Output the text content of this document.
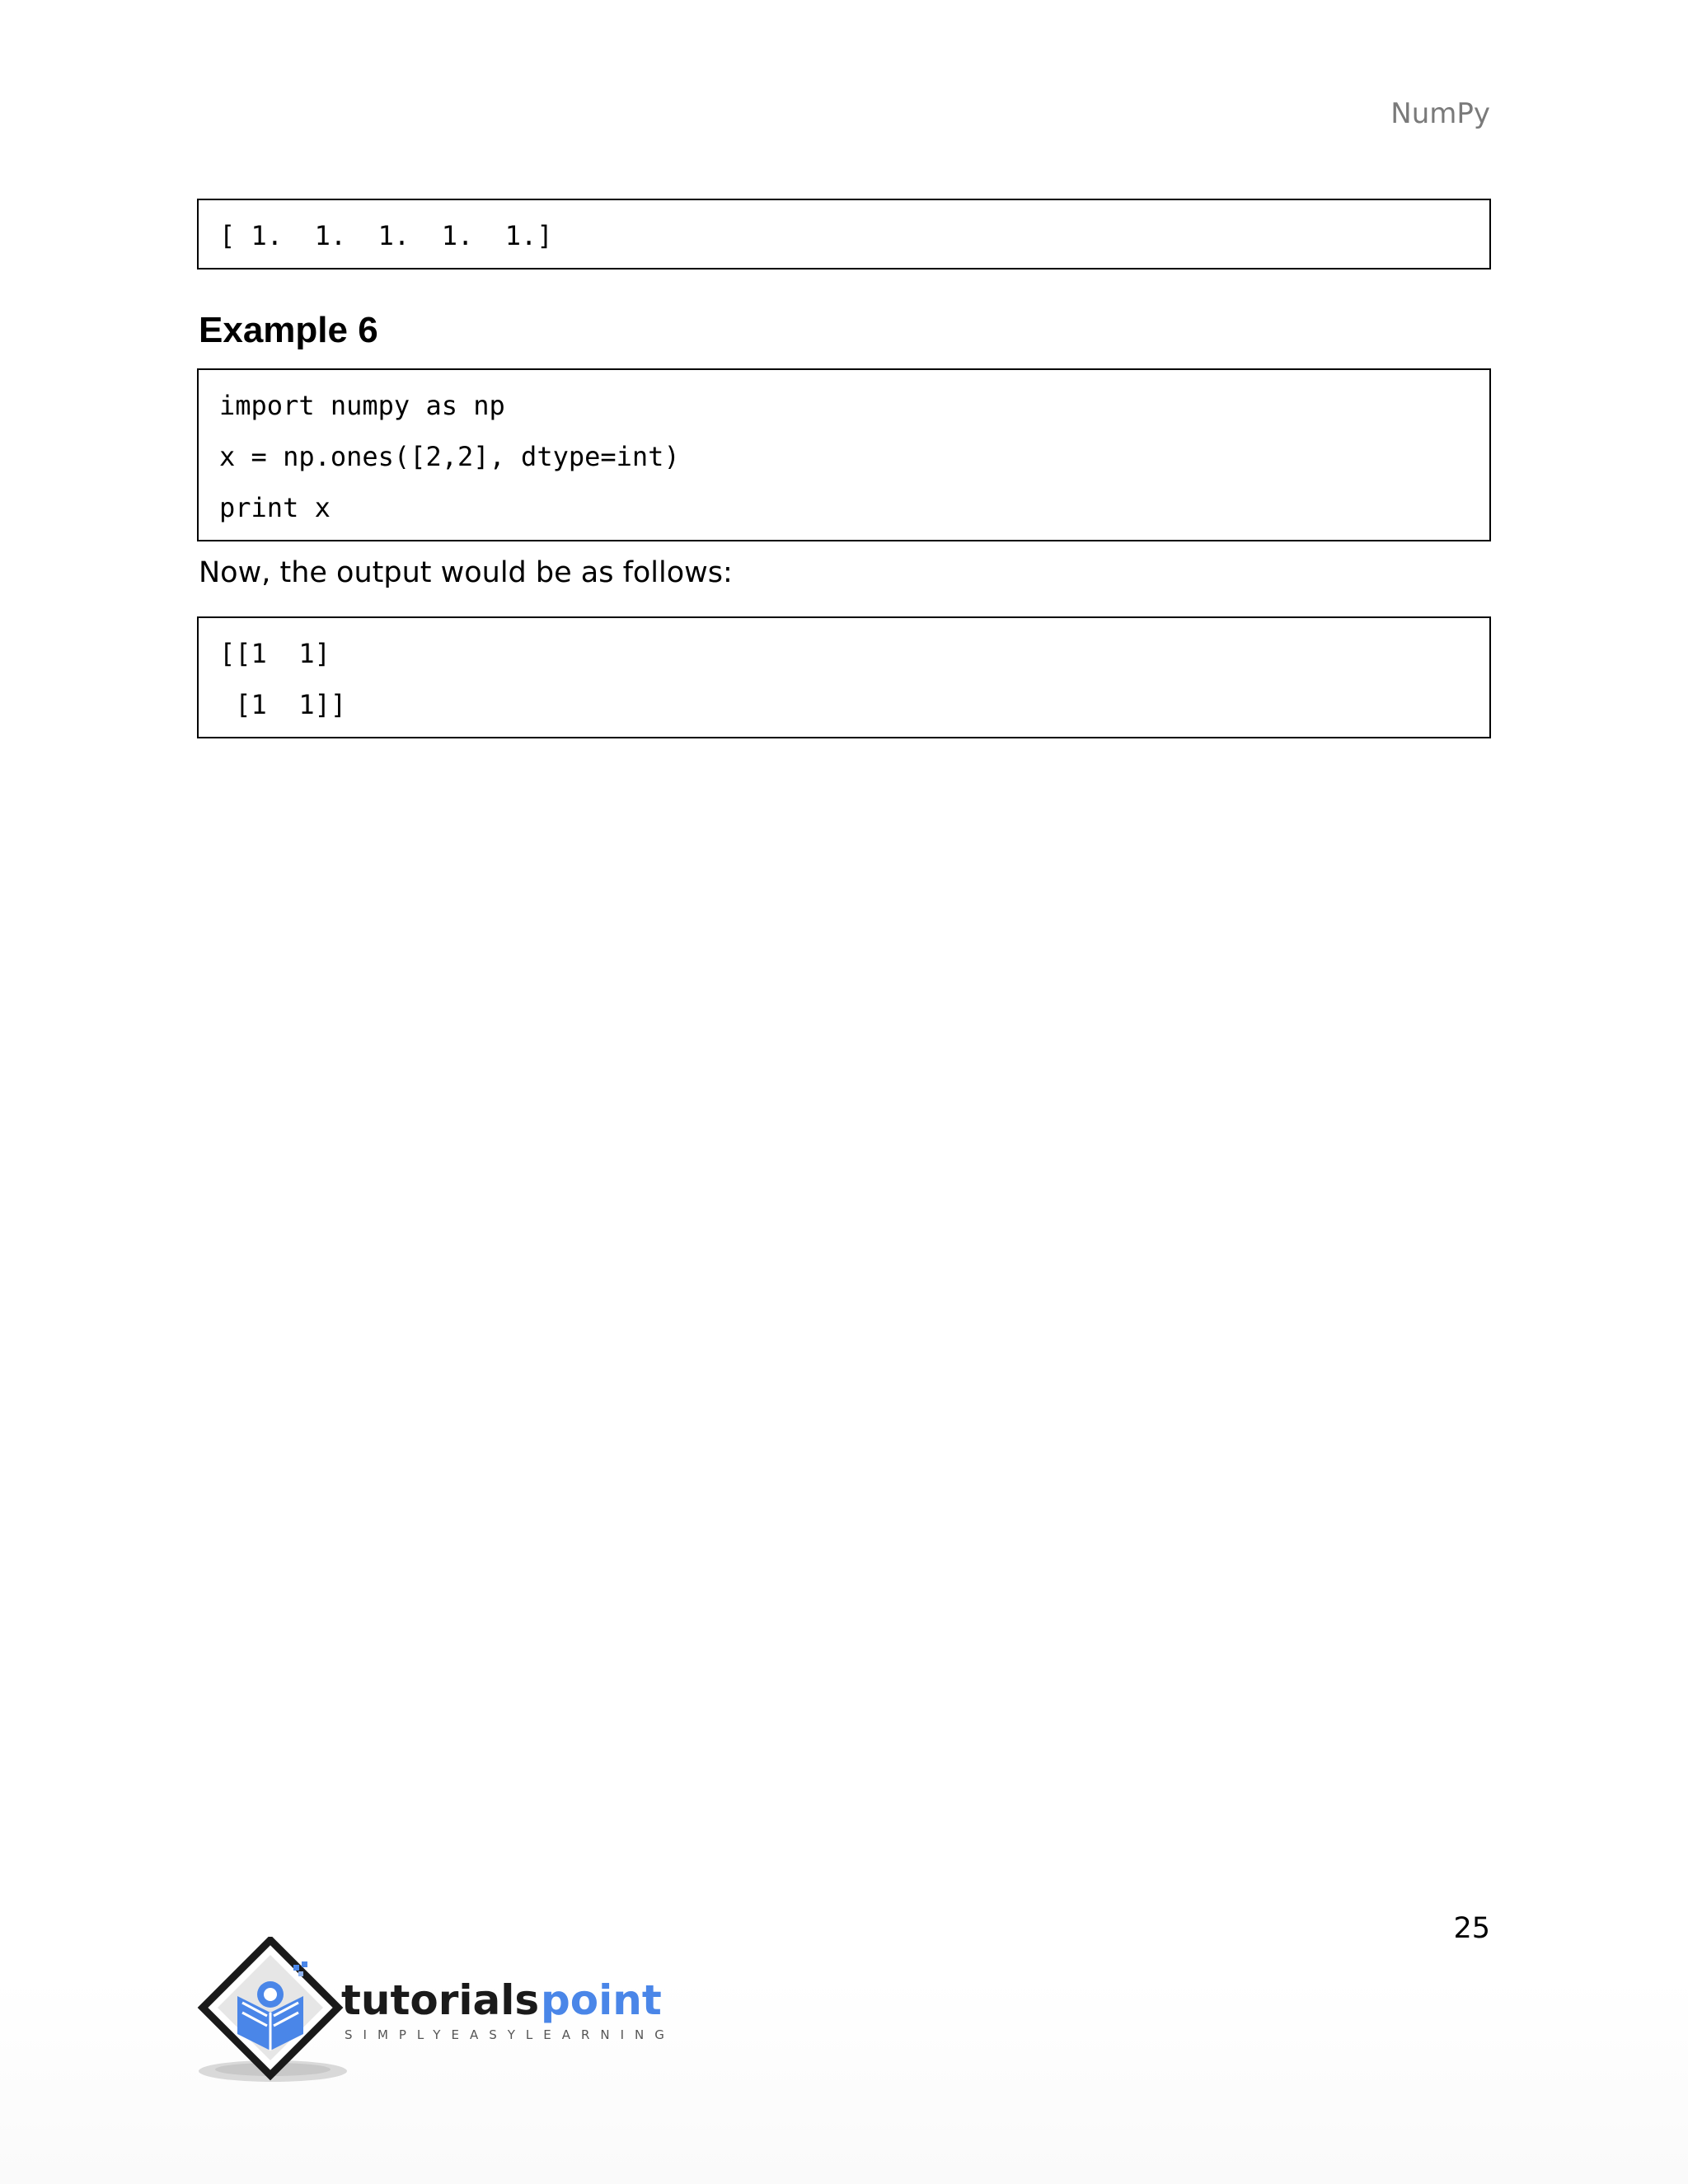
NumPy
[ 1.  1.  1.  1.  1.]
Example 6
import numpy as np
x = np.ones([2,2], dtype=int)
print x
Now, the output would be as follows:
[[1  1]
[1  1]]
25
tutorials point
SIMPLYEASYLEARNING
